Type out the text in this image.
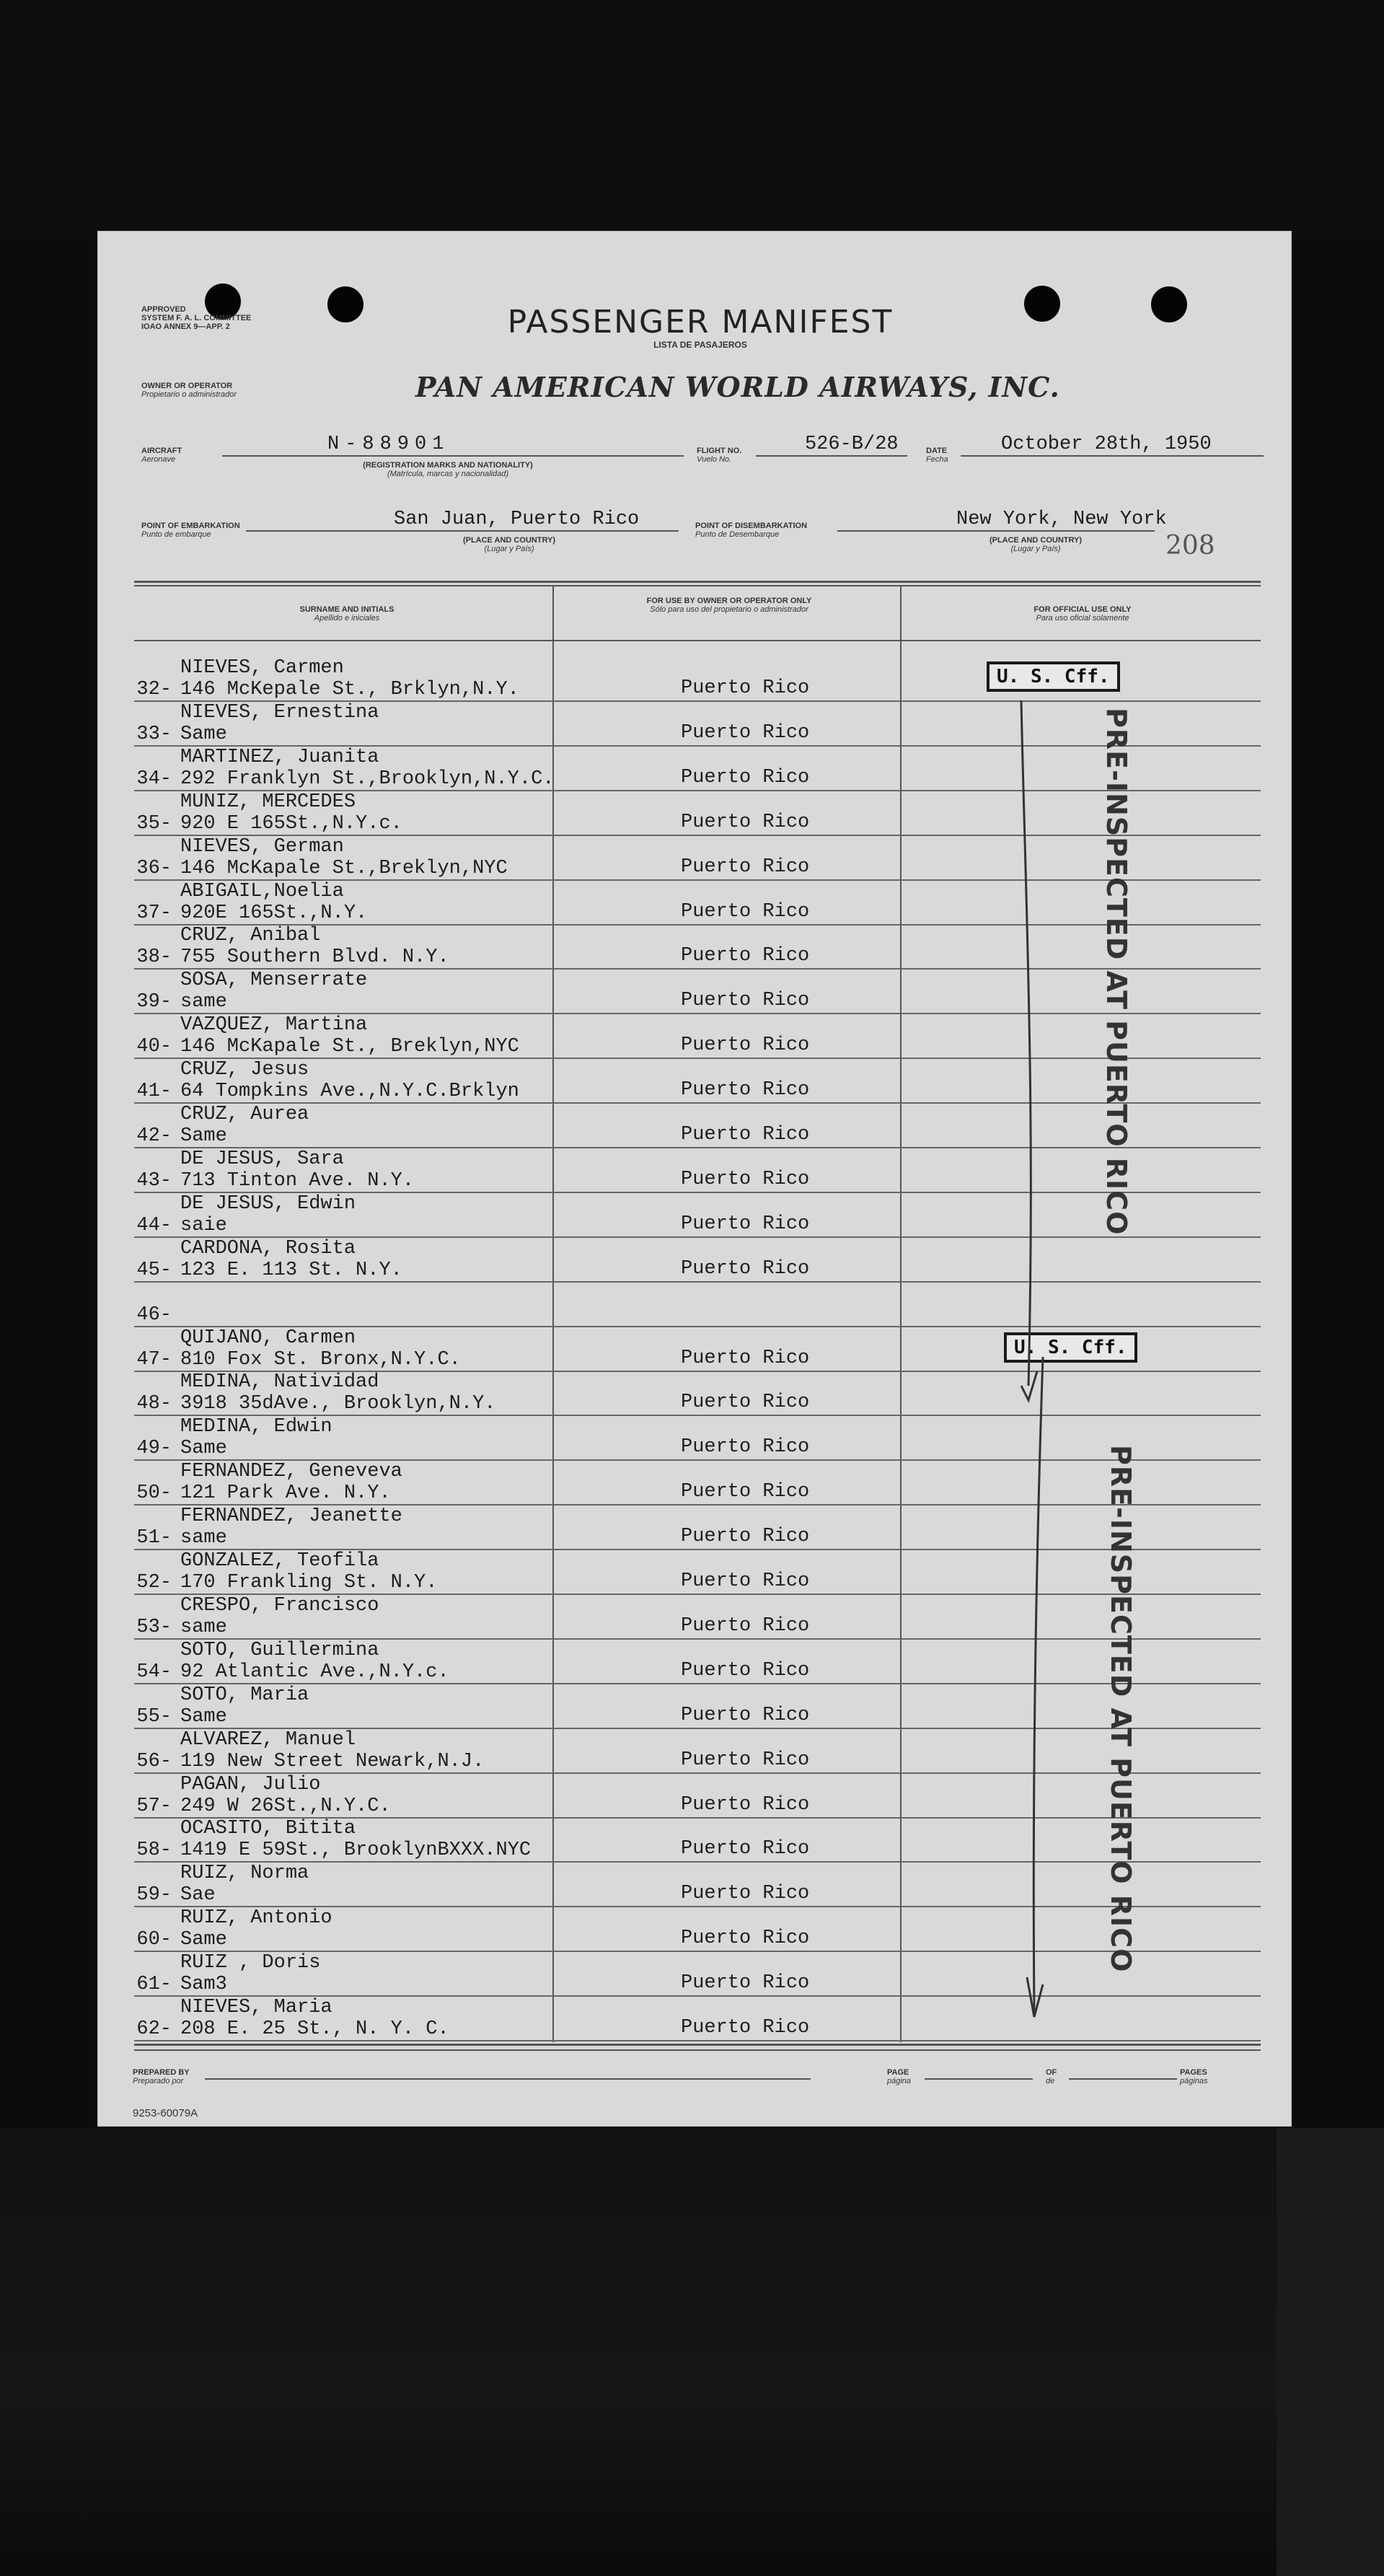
APPROVED
SYSTEM F. A. L. COMMITTEE
IOAO ANNEX 9—APP. 2	PASSENGER MANIFEST
LISTA DE PASAJEROS
OWNER OR OPERATOR
Propietario o administrador	PAN AMERICAN WORLD AIRWAYS, INC.
AIRCRAFT
Aeronave
N-88901
(REGISTRATION MARKS AND NATIONALITY)
(Matrícula, marcas y nacionalidad)
FLIGHT NO.
Vuelo No.
526-B/28	DATE
Fecha
October 28th, 1950
POINT OF EMBARKATION
Punto de embarque
San Juan, Puerto Rico
(PLACE AND COUNTRY)
(Lugar y País)
POINT OF DISEMBARKATION
Punto de Desembarque
New York, New York
(PLACE AND COUNTRY)
(Lugar y País)	208
SURNAME AND INITIALS
Apellido e iniciales
FOR USE BY OWNER OR OPERATOR ONLY
Sólo para uso del propietario o administrador	FOR OFFICIAL USE ONLY
Para uso oficial solamente
32-
NIEVES, Carmen
146 McKepale St., Brklyn,N.Y.	Puerto Rico
33-
NIEVES, Ernestina
Same	Puerto Rico
34-
MARTINEZ, Juanita
292 Franklyn St.,Brooklyn,N.Y.C.	Puerto Rico
35-
MUNIZ, MERCEDES
920 E 165St.,N.Y.c.	Puerto Rico
36-
NIEVES, German
146 McKapale St.,Breklyn,NYC	Puerto Rico
37-
ABIGAIL,Noelia
920E 165St.,N.Y.	Puerto Rico
38-
CRUZ, Anibal
755 Southern Blvd. N.Y.	Puerto Rico
39-
SOSA, Menserrate
same	Puerto Rico
40-
VAZQUEZ, Martina
146 McKapale St., Breklyn,NYC	Puerto Rico
41-
CRUZ, Jesus
64 Tompkins Ave.,N.Y.C.Brklyn	Puerto Rico
42-
CRUZ, Aurea
Same	Puerto Rico
43-
DE JESUS, Sara
713 Tinton Ave. N.Y.	Puerto Rico
44-
DE JESUS, Edwin
saie	Puerto Rico
45-
CARDONA, Rosita
123 E. 113 St. N.Y.	Puerto Rico
46-
47-
QUIJANO, Carmen
810 Fox St. Bronx,N.Y.C.	Puerto Rico
48-
MEDINA, Natividad
3918 35dAve., Brooklyn,N.Y.	Puerto Rico
49-
MEDINA, Edwin
Same	Puerto Rico
50-
FERNANDEZ, Geneveva
121 Park Ave. N.Y.	Puerto Rico
51-
FERNANDEZ, Jeanette
same	Puerto Rico
52-
GONZALEZ, Teofila
170 Frankling St. N.Y.	Puerto Rico
53-
CRESPO, Francisco
same	Puerto Rico
54-
SOTO, Guillermina
92 Atlantic Ave.,N.Y.c.	Puerto Rico
55-
SOTO, Maria
Same	Puerto Rico
56-
ALVAREZ, Manuel
119 New Street Newark,N.J.	Puerto Rico
57-
PAGAN, Julio
249 W 26St.,N.Y.C.	Puerto Rico
58-
OCASITO, Bitita
1419 E 59St., BrooklynBXXX.NYC	Puerto Rico
59-
RUIZ, Norma
Sae	Puerto Rico
60-
RUIZ, Antonio
Same	Puerto Rico
61-
RUIZ , Doris
Sam3	Puerto Rico
62-
NIEVES, Maria
208 E. 25 St., N. Y. C.	Puerto Rico
U. S. Cff.
U. S. Cff.
PRE-INSPECTED AT PUERTO RICO
PRE-INSPECTED AT PUERTO RICO
PREPARED BY
Preparado por
PAGE
página
OF
de
PAGES
páginas
9253-60079A
